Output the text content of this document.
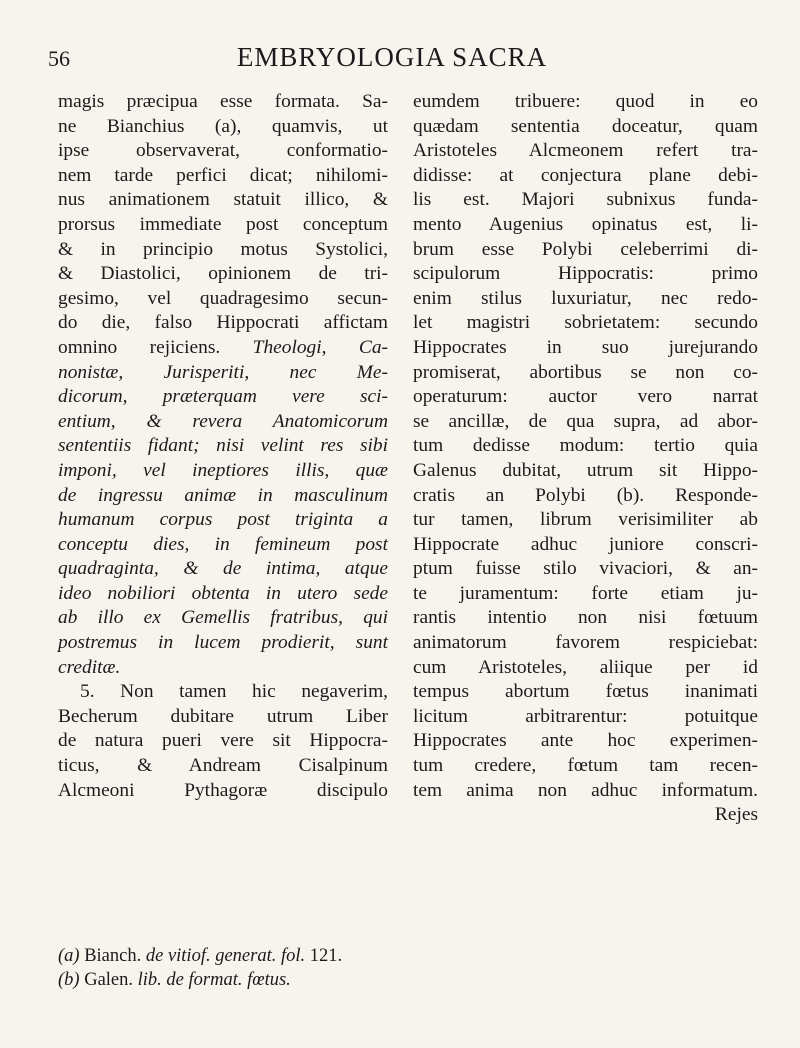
56	EMBRYOLOGIA SACRA
magis præcipua esse formata. Sa-
ne Bianchius (a), quamvis, ut
ipse observaverat, conformatio-
nem tarde perfici dicat; nihilomi-
nus animationem statuit illico, &
prorsus immediate post conceptum
& in principio motus Systolici,
& Diastolici, opinionem de tri-
gesimo, vel quadragesimo secun-
do die, falso Hippocrati affictam
omnino rejiciens. Theologi, Ca-
nonistæ, Jurisperiti, nec Me-
dicorum, præterquam vere sci-
entium, & revera Anatomicorum
sententiis fidant; nisi velint res sibi
imponi, vel ineptiores illis, quæ
de ingressu animæ in masculinum
humanum corpus post triginta a
conceptu dies, in femineum post
quadraginta, & de intima, atque
ideo nobiliori obtenta in utero sede
ab illo ex Gemellis fratribus, qui
postremus in lucem prodierit, sunt
creditæ.
5. Non tamen hic negaverim,
Becherum dubitare utrum Liber
de natura pueri vere sit Hippocra-
ticus, & Andream Cisalpinum
Alcmeoni Pythagoræ discipulo
eumdem tribuere: quod in eo
quædam sententia doceatur, quam
Aristoteles Alcmeonem refert tra-
didisse: at conjectura plane debi-
lis est. Majori subnixus funda-
mento Augenius opinatus est, li-
brum esse Polybi celeberrimi di-
scipulorum Hippocratis: primo
enim stilus luxuriatur, nec redo-
let magistri sobrietatem: secundo
Hippocrates in suo jurejurando
promiserat, abortibus se non co-
operaturum: auctor vero narrat
se ancillæ, de qua supra, ad abor-
tum dedisse modum: tertio quia
Galenus dubitat, utrum sit Hippo-
cratis an Polybi (b). Responde-
tur tamen, librum verisimiliter ab
Hippocrate adhuc juniore conscri-
ptum fuisse stilo vivaciori, & an-
te juramentum: forte etiam ju-
rantis intentio non nisi fœtuum
animatorum favorem respiciebat:
cum Aristoteles, aliique per id
tempus abortum fœtus inanimati
licitum arbitrarentur: potuitque
Hippocrates ante hoc experimen-
tum credere, fœtum tam recen-
tem anima non adhuc informatum.
Rejes
(a) Bianch. de vitiof. generat. fol. 121.
(b) Galen. lib. de format. fœtus.
